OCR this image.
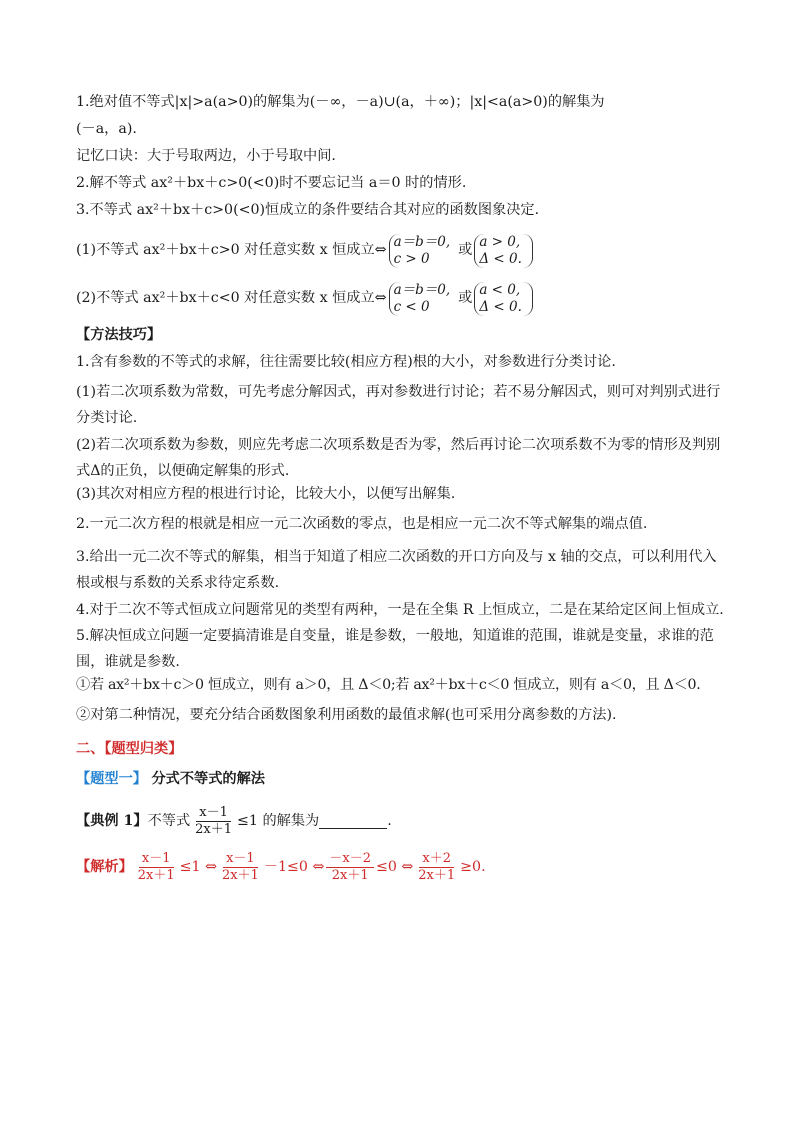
1.绝对值不等式|x|>a(a>0)的解集为(－∞，－a)∪(a，＋∞)；|x|<a(a>0)的解集为
(－a，a).
记忆口诀：大于号取两边，小于号取中间.
2.解不等式 ax²＋bx＋c>0(<0)时不要忘记当 a＝0 时的情形.
3.不等式 ax²＋bx＋c>0(<0)恒成立的条件要结合其对应的函数图象决定.
(1)不等式 ax²＋bx＋c>0 对任意实数 x 恒成立⇔
a＝b＝0,
c > 0
或
a > 0,
Δ < 0.
(2)不等式 ax²＋bx＋c<0 对任意实数 x 恒成立⇔
a＝b＝0,
c < 0
或
a < 0,
Δ < 0.
【方法技巧】
1.含有参数的不等式的求解，往往需要比较(相应方程)根的大小，对参数进行分类讨论.
(1)若二次项系数为常数，可先考虑分解因式，再对参数进行讨论；若不易分解因式，则可对判别式进行分类讨论.
(2)若二次项系数为参数，则应先考虑二次项系数是否为零，然后再讨论二次项系数不为零的情形及判别式Δ的正负，以便确定解集的形式.
(3)其次对相应方程的根进行讨论，比较大小，以便写出解集.
2.一元二次方程的根就是相应一元二次函数的零点，也是相应一元二次不等式解集的端点值.
3.给出一元二次不等式的解集，相当于知道了相应二次函数的开口方向及与 x 轴的交点，可以利用代入根或根与系数的关系求待定系数.
4.对于二次不等式恒成立问题常见的类型有两种，一是在全集 R 上恒成立，二是在某给定区间上恒成立.
5.解决恒成立问题一定要搞清谁是自变量，谁是参数，一般地，知道谁的范围，谁就是变量，求谁的范围，谁就是参数.
①若 ax²＋bx＋c＞0 恒成立，则有 a＞0，且 Δ＜0;若 ax²＋bx＋c＜0 恒成立，则有 a＜0，且 Δ＜0.
②对第二种情况，要充分结合函数图象利用函数的最值求解(也可采用分离参数的方法).
二、【题型归类】
【题型一】 分式不等式的解法
【典例 1】 不等式 $\frac{x-1}{2x+1} \le 1$ 的解集为	.
【解析】 $\frac{x-1}{2x+1} \le 1$ ⇔ $\frac{x-1}{2x+1} -1\le 0$ ⇔ $\frac{-x-2}{2x+1} \le 0$ ⇔ $\frac{x+2}{2x+1} \ge 0$.
